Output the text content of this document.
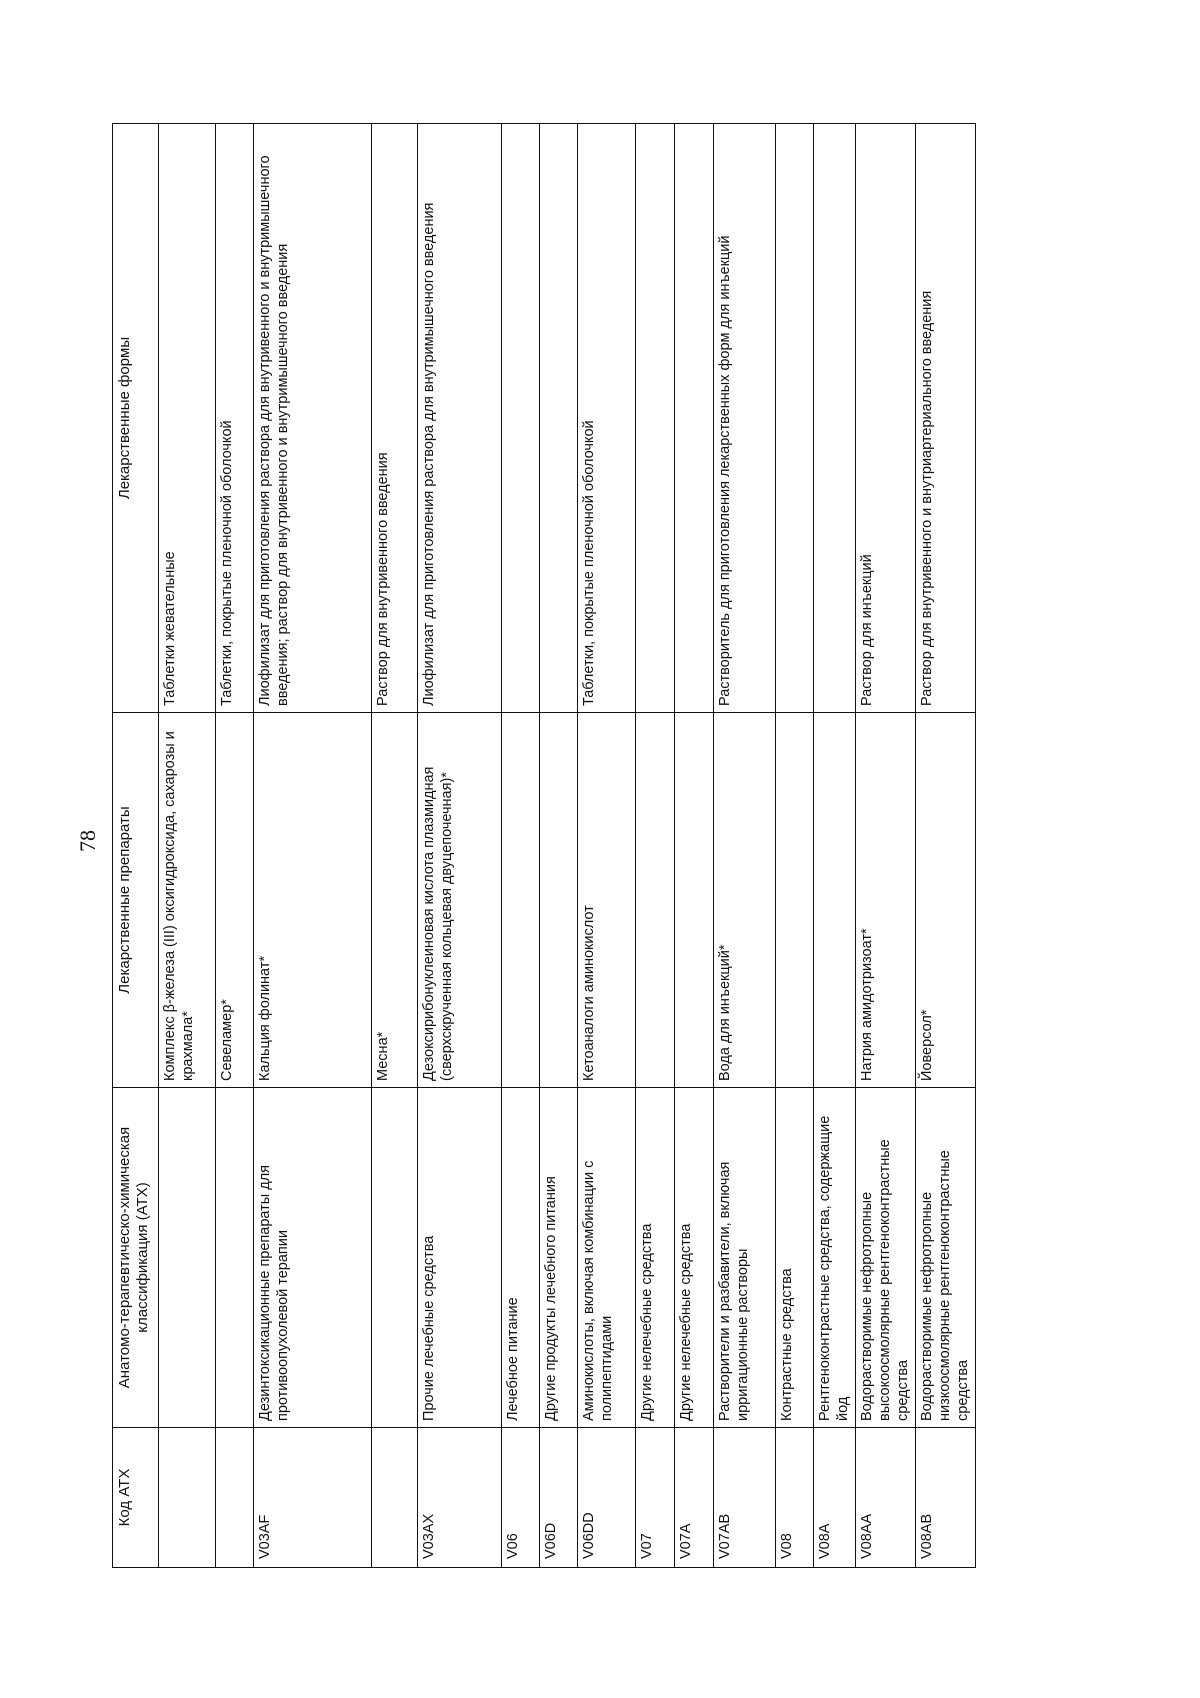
78
Код АТХ	Анатомо-терапевтическо-химическая классификация (АТХ)	Лекарственные препараты	Лекарственные формы
		Комплекс β-железа (III) оксигидроксида, сахарозы и крахмала*	Таблетки жевательные
		Севеламер*	Таблетки, покрытые пленочной оболочкой
V03AF	Дезинтоксикационные препараты для противоопухолевой терапии	Кальция фолинат*	Лиофилизат для приготовления раствора для внутривенного и внутримышечного введения; раствор для внутривенного и внутримышечного введения
		Месна*	Раствор для внутривенного введения
V03AX	Прочие лечебные средства	Дезоксирибонуклеиновая кислота плазмидная (сверхскрученная кольцевая двуцепочечная)*	Лиофилизат для приготовления раствора для внутримышечного введения
V06	Лечебное питание		
V06D	Другие продукты лечебного питания		
V06DD	Аминокислоты, включая комбинации с полипептидами	Кетоаналоги аминокислот	Таблетки, покрытые пленочной оболочкой
V07	Другие нелечебные средства		
V07A	Другие нелечебные средства		
V07AB	Растворители и разбавители, включая ирригационные растворы	Вода для инъекций*	Растворитель для приготовления лекарственных форм для инъекций
V08	Контрастные средства		
V08A	Рентгеноконтрастные средства, содержащие йод		
V08AA	Водорастворимые нефротропные высокоосмолярные рентгеноконтрастные средства	Натрия амидотризоат*	Раствор для инъекций
V08AB	Водорастворимые нефротропные низкоосмолярные рентгеноконтрастные средства	Йоверсол*	Раствор для внутривенного и внутриартериального введения
